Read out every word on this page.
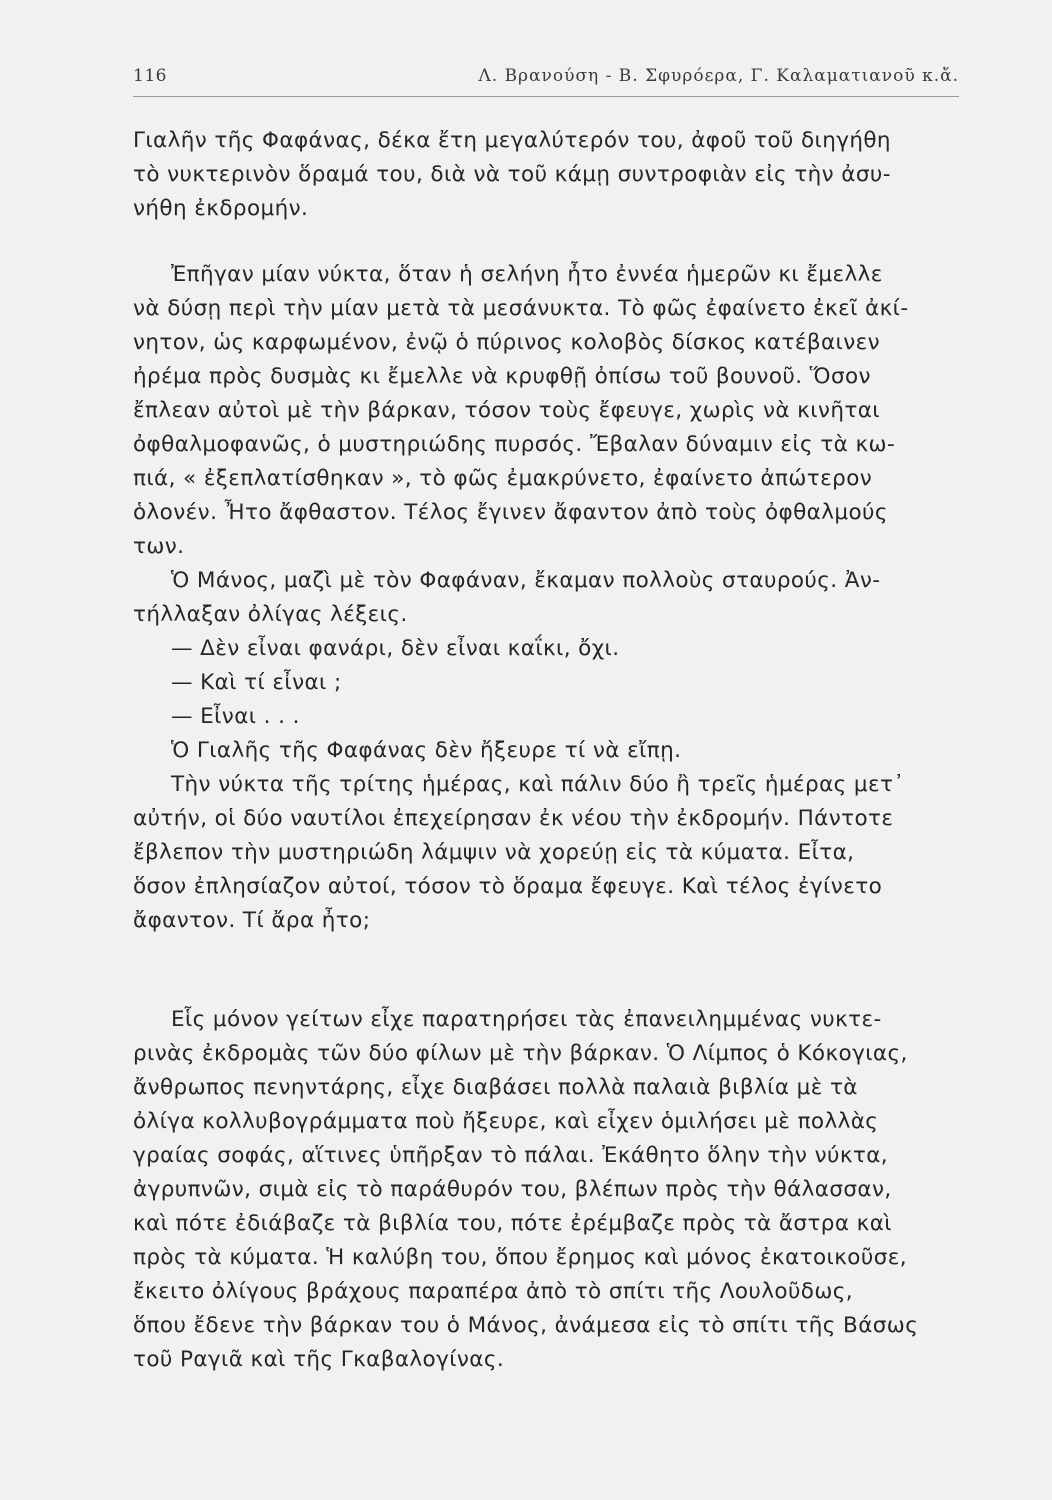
116	Λ. Βρανούση - Β. Σφυρόερα, Γ. Καλαματιανοῦ κ.ἄ.
Γιαλῆν τῆς Φαφάνας, δέκα ἔτη μεγαλύτερόν του, ἀφοῦ τοῦ διηγήθη
τὸ νυκτερινὸν ὅραμά του, διὰ νὰ τοῦ κάμῃ συντροφιὰν εἰς τὴν ἀσυ-
νήθη ἐκδρομήν.
Ἐπῆγαν μίαν νύκτα, ὅταν ἡ σελήνη ἦτο ἐννέα ἡμερῶν κι ἔμελλε
νὰ δύσῃ περὶ τὴν μίαν μετὰ τὰ μεσάνυκτα. Τὸ φῶς ἐφαίνετο ἐκεῖ ἀκί-
νητον, ὡς καρφωμένον, ἐνῷ ὁ πύρινος κολοβὸς δίσκος κατέβαινεν
ἠρέμα πρὸς δυσμὰς κι ἔμελλε νὰ κρυφθῇ ὀπίσω τοῦ βουνοῦ. Ὅσον
ἔπλεαν αὐτοὶ μὲ τὴν βάρκαν, τόσον τοὺς ἔφευγε, χωρὶς νὰ κινῆται
ὀφθαλμοφανῶς, ὁ μυστηριώδης πυρσός. Ἔβαλαν δύναμιν εἰς τὰ κω-
πιά, « ἐξεπλατίσθηκαν », τὸ φῶς ἐμακρύνετο, ἐφαίνετο ἀπώτερον
ὁλονέν. Ἦτο ἄφθαστον. Τέλος ἔγινεν ἄφαντον ἀπὸ τοὺς ὀφθαλμούς
των.
Ὁ Μάνος, μαζὶ μὲ τὸν Φαφάναν, ἔκαμαν πολλοὺς σταυρούς. Ἀν-
τήλλαξαν ὀλίγας λέξεις.
— Δὲν εἶναι φανάρι, δὲν εἶναι καΐκι, ὄχι.
— Καὶ τί εἶναι ;
— Εἶναι . . .
Ὁ Γιαλῆς τῆς Φαφάνας δὲν ἤξευρε τί νὰ εἴπῃ.
Τὴν νύκτα τῆς τρίτης ἡμέρας, καὶ πάλιν δύο ἢ τρεῖς ἡμέρας μετ᾿
αὐτήν, οἱ δύο ναυτίλοι ἐπεχείρησαν ἐκ νέου τὴν ἐκδρομήν. Πάντοτε
ἔβλεπον τὴν μυστηριώδη λάμψιν νὰ χορεύῃ εἰς τὰ κύματα. Εἶτα,
ὅσον ἐπλησίαζον αὐτοί, τόσον τὸ ὅραμα ἔφευγε. Καὶ τέλος ἐγίνετο
ἄφαντον. Τί ἄρα ἦτο;
Εἷς μόνον γείτων εἶχε παρατηρήσει τὰς ἐπανειλημμένας νυκτε-
ρινὰς ἐκδρομὰς τῶν δύο φίλων μὲ τὴν βάρκαν. Ὁ Λίμπος ὁ Κόκογιας,
ἄνθρωπος πενηντάρης, εἶχε διαβάσει πολλὰ παλαιὰ βιβλία μὲ τὰ
ὀλίγα κολλυβογράμματα ποὺ ἤξευρε, καὶ εἶχεν ὁμιλήσει μὲ πολλὰς
γραίας σοφάς, αἵτινες ὑπῆρξαν τὸ πάλαι. Ἐκάθητο ὅλην τὴν νύκτα,
ἀγρυπνῶν, σιμὰ εἰς τὸ παράθυρόν του, βλέπων πρὸς τὴν θάλασσαν,
καὶ πότε ἐδιάβαζε τὰ βιβλία του, πότε ἐρέμβαζε πρὸς τὰ ἄστρα καὶ
πρὸς τὰ κύματα. Ἡ καλύβη του, ὅπου ἔρημος καὶ μόνος ἐκατοικοῦσε,
ἔκειτο ὀλίγους βράχους παραπέρα ἀπὸ τὸ σπίτι τῆς Λουλοῦδως,
ὅπου ἔδενε τὴν βάρκαν του ὁ Μάνος, ἀνάμεσα εἰς τὸ σπίτι τῆς Βάσως
τοῦ Ραγιᾶ καὶ τῆς Γκαβαλογίνας.
